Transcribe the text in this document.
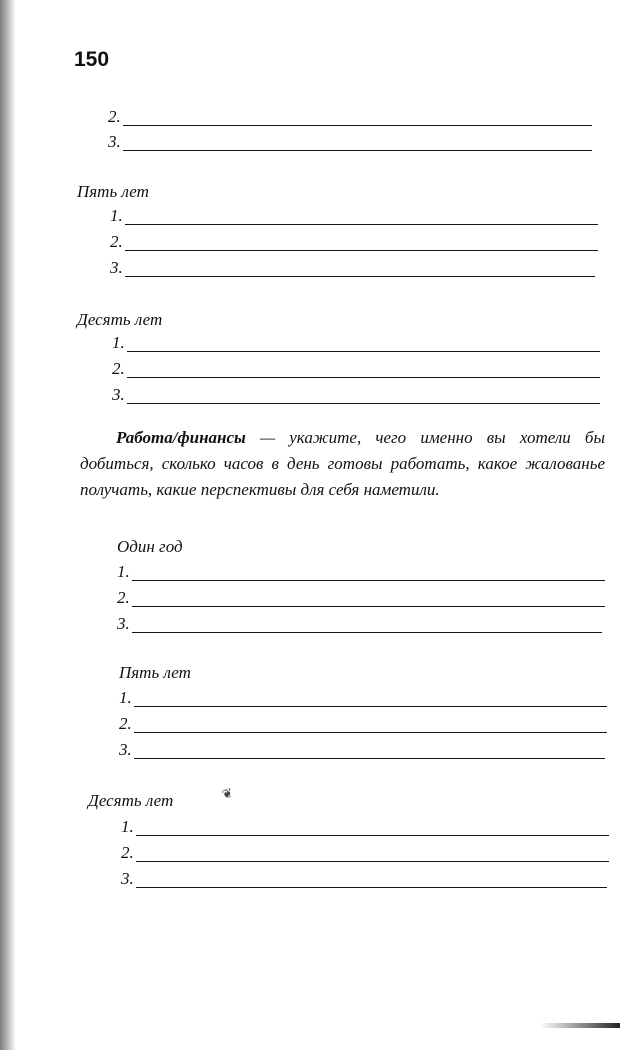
150
2.
3.
Пять лет
1.
2.
3.
Десять лет
1.
2.
3.
Работа/финансы — укажите, чего именно вы хотели бы добиться, сколько часов в день готовы работать, какое жалованье получать, какие перспективы для себя наметили.
Один год
1.
2.
3.
Пять лет
1.
2.
3.
Десять лет	❦
1.
2.
3.
